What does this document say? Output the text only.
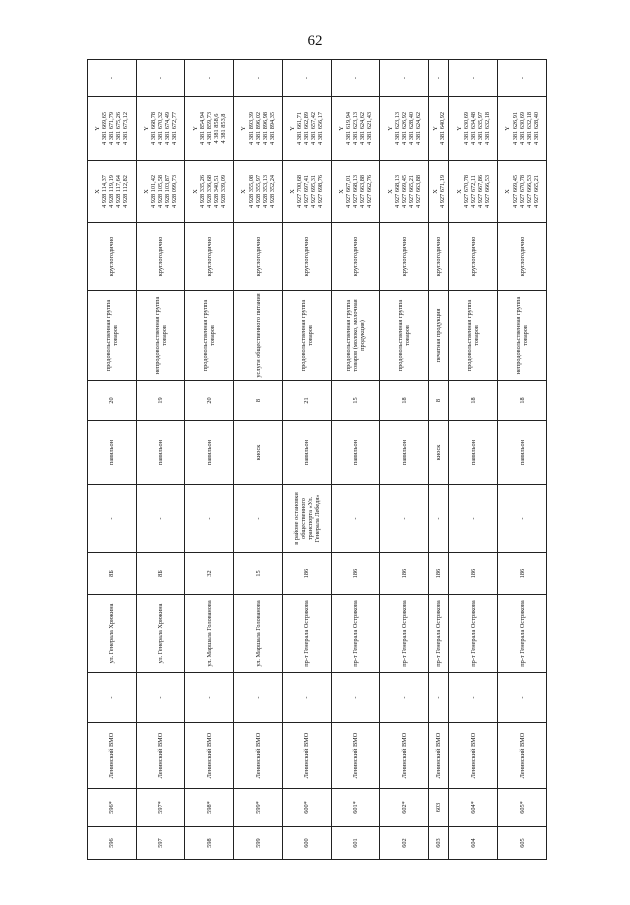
62
596	596*	Ленинский ВМО	-	ул. Генерала Хрюкина	8Б	-	павильон	20	продовольственная группа товаров	круглогодично	X 4 928 114,37 4 928 119,19 4 928 117,64 4 928 112,82	Y 4 381 669,65 4 381 671,79 4 381 675,26 4 381 673,12	-
597	597*	Ленинский ВМО	-	ул. Генерала Хрюкина	8Б	-	павильон	19	непродовольственная группа товаров	круглогодично	X 4 928 101,42 4 928 105,58 4 928 103,87 4 928 099,73	Y 4 381 668,78 4 381 670,32 4 381 674,49 4 381 672,77	-
598	598*	Ленинский ВМО	-	ул. Маршала Голованова	32	-	павильон	20	продовольственная группа товаров	круглогодично	X 4 928 335,26 4 928 336,68 4 928 340,51 4 928 339,09	Y 4 381 854,94 4 381 859,73 4 381 858,6 4 381 853,8	-
599	599*	Ленинский ВМО	-	ул. Маршала Голованова	15	-	киоск	8	услуги общественного питания	круглогодично	X 4 928 355,08 4 928 355,97 4 928 353,13 4 928 352,24	Y 4 381 893,39 4 381 896,02 4 381 896,98 4 381 894,35	-
600	600*	Ленинский ВМО	-	пр-т Генерала Острякова	186	в районе остановки общественного транспорта «Ул. Генерала Лебедя»	павильон	21	продовольственная группа товаров	круглогодично	X 4 927 700,68 4 927 697,41 4 927 695,31 4 927 698,76	Y 4 381 661,71 4 381 662,89 4 381 657,42 4 381 656,17	-
601	601*	Ленинский ВМО	-	пр-т Генерала Острякова	186	-	павильон	15	продовольственная группа товаров (молоко, молочная продукция)	круглогодично	X 4 927 667,01 4 927 668,13 4 927 663,88 4 927 662,76	Y 4 381 619,94 4 381 623,13 4 381 624,62 4 381 621,43	-
602	602*	Ленинский ВМО	-	пр-т Генерала Острякова	186	-	павильон	18	продовольственная группа товаров	круглогодично	X 4 927 668,13 4 927 669,45 4 927 665,21 4 927 663,88	Y 4 381 623,13 4 381 626,92 4 381 628,40 4 381 624,62	-
603	603	Ленинский ВМО	-	пр-т Генерала Острякова	186	-	киоск	8	печатная продукция	круглогодично	X 4 927 671,19	Y 4 381 640,92	-
604	604*	Ленинский ВМО	-	пр-т Генерала Острякова	186	-	павильон	18	продовольственная группа товаров	круглогодично	X 4 927 670,78 4 927 672,11 4 927 667,86 4 927 666,53	Y 4 381 630,69 4 381 634,48 4 381 635,97 4 381 632,18	-
605	605*	Ленинский ВМО	-	пр-т Генерала Острякова	186	-	павильон	18	непродовольственная группа товаров	круглогодично	X 4 927 669,45 4 927 670,78 4 927 666,53 4 927 665,21	Y 4 381 626,91 4 381 630,69 4 381 632,18 4 381 628,40	-
